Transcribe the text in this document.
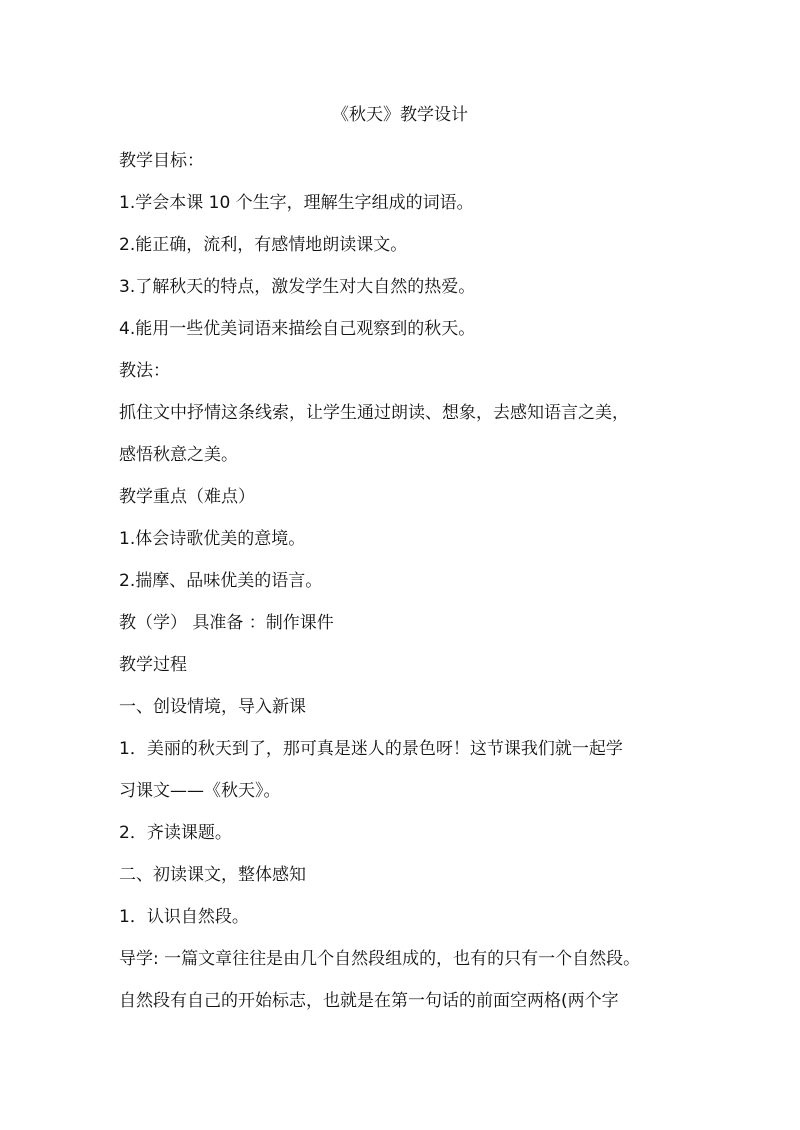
《秋天》教学设计
教学目标：
1.学会本课 10 个生字，理解生字组成的词语。
2.能正确，流利，有感情地朗读课文。
3.了解秋天的特点，激发学生对大自然的热爱。
4.能用一些优美词语来描绘自己观察到的秋天。
教法：
抓住文中抒情这条线索，让学生通过朗读、想象，去感知语言之美，
感悟秋意之美。
教学重点（难点）
1.体会诗歌优美的意境。
2.揣摩、品味优美的语言。
教（学） 具准备 ：制作课件
教学过程
一、创设情境，导入新课
1．美丽的秋天到了，那可真是迷人的景色呀！这节课我们就一起学
习课文——《秋天》。
2．齐读课题。
二、初读课文，整体感知
1．认识自然段。
导学: 一篇文章往往是由几个自然段组成的，也有的只有一个自然段。
自然段有自己的开始标志，也就是在第一句话的前面空两格(两个字
